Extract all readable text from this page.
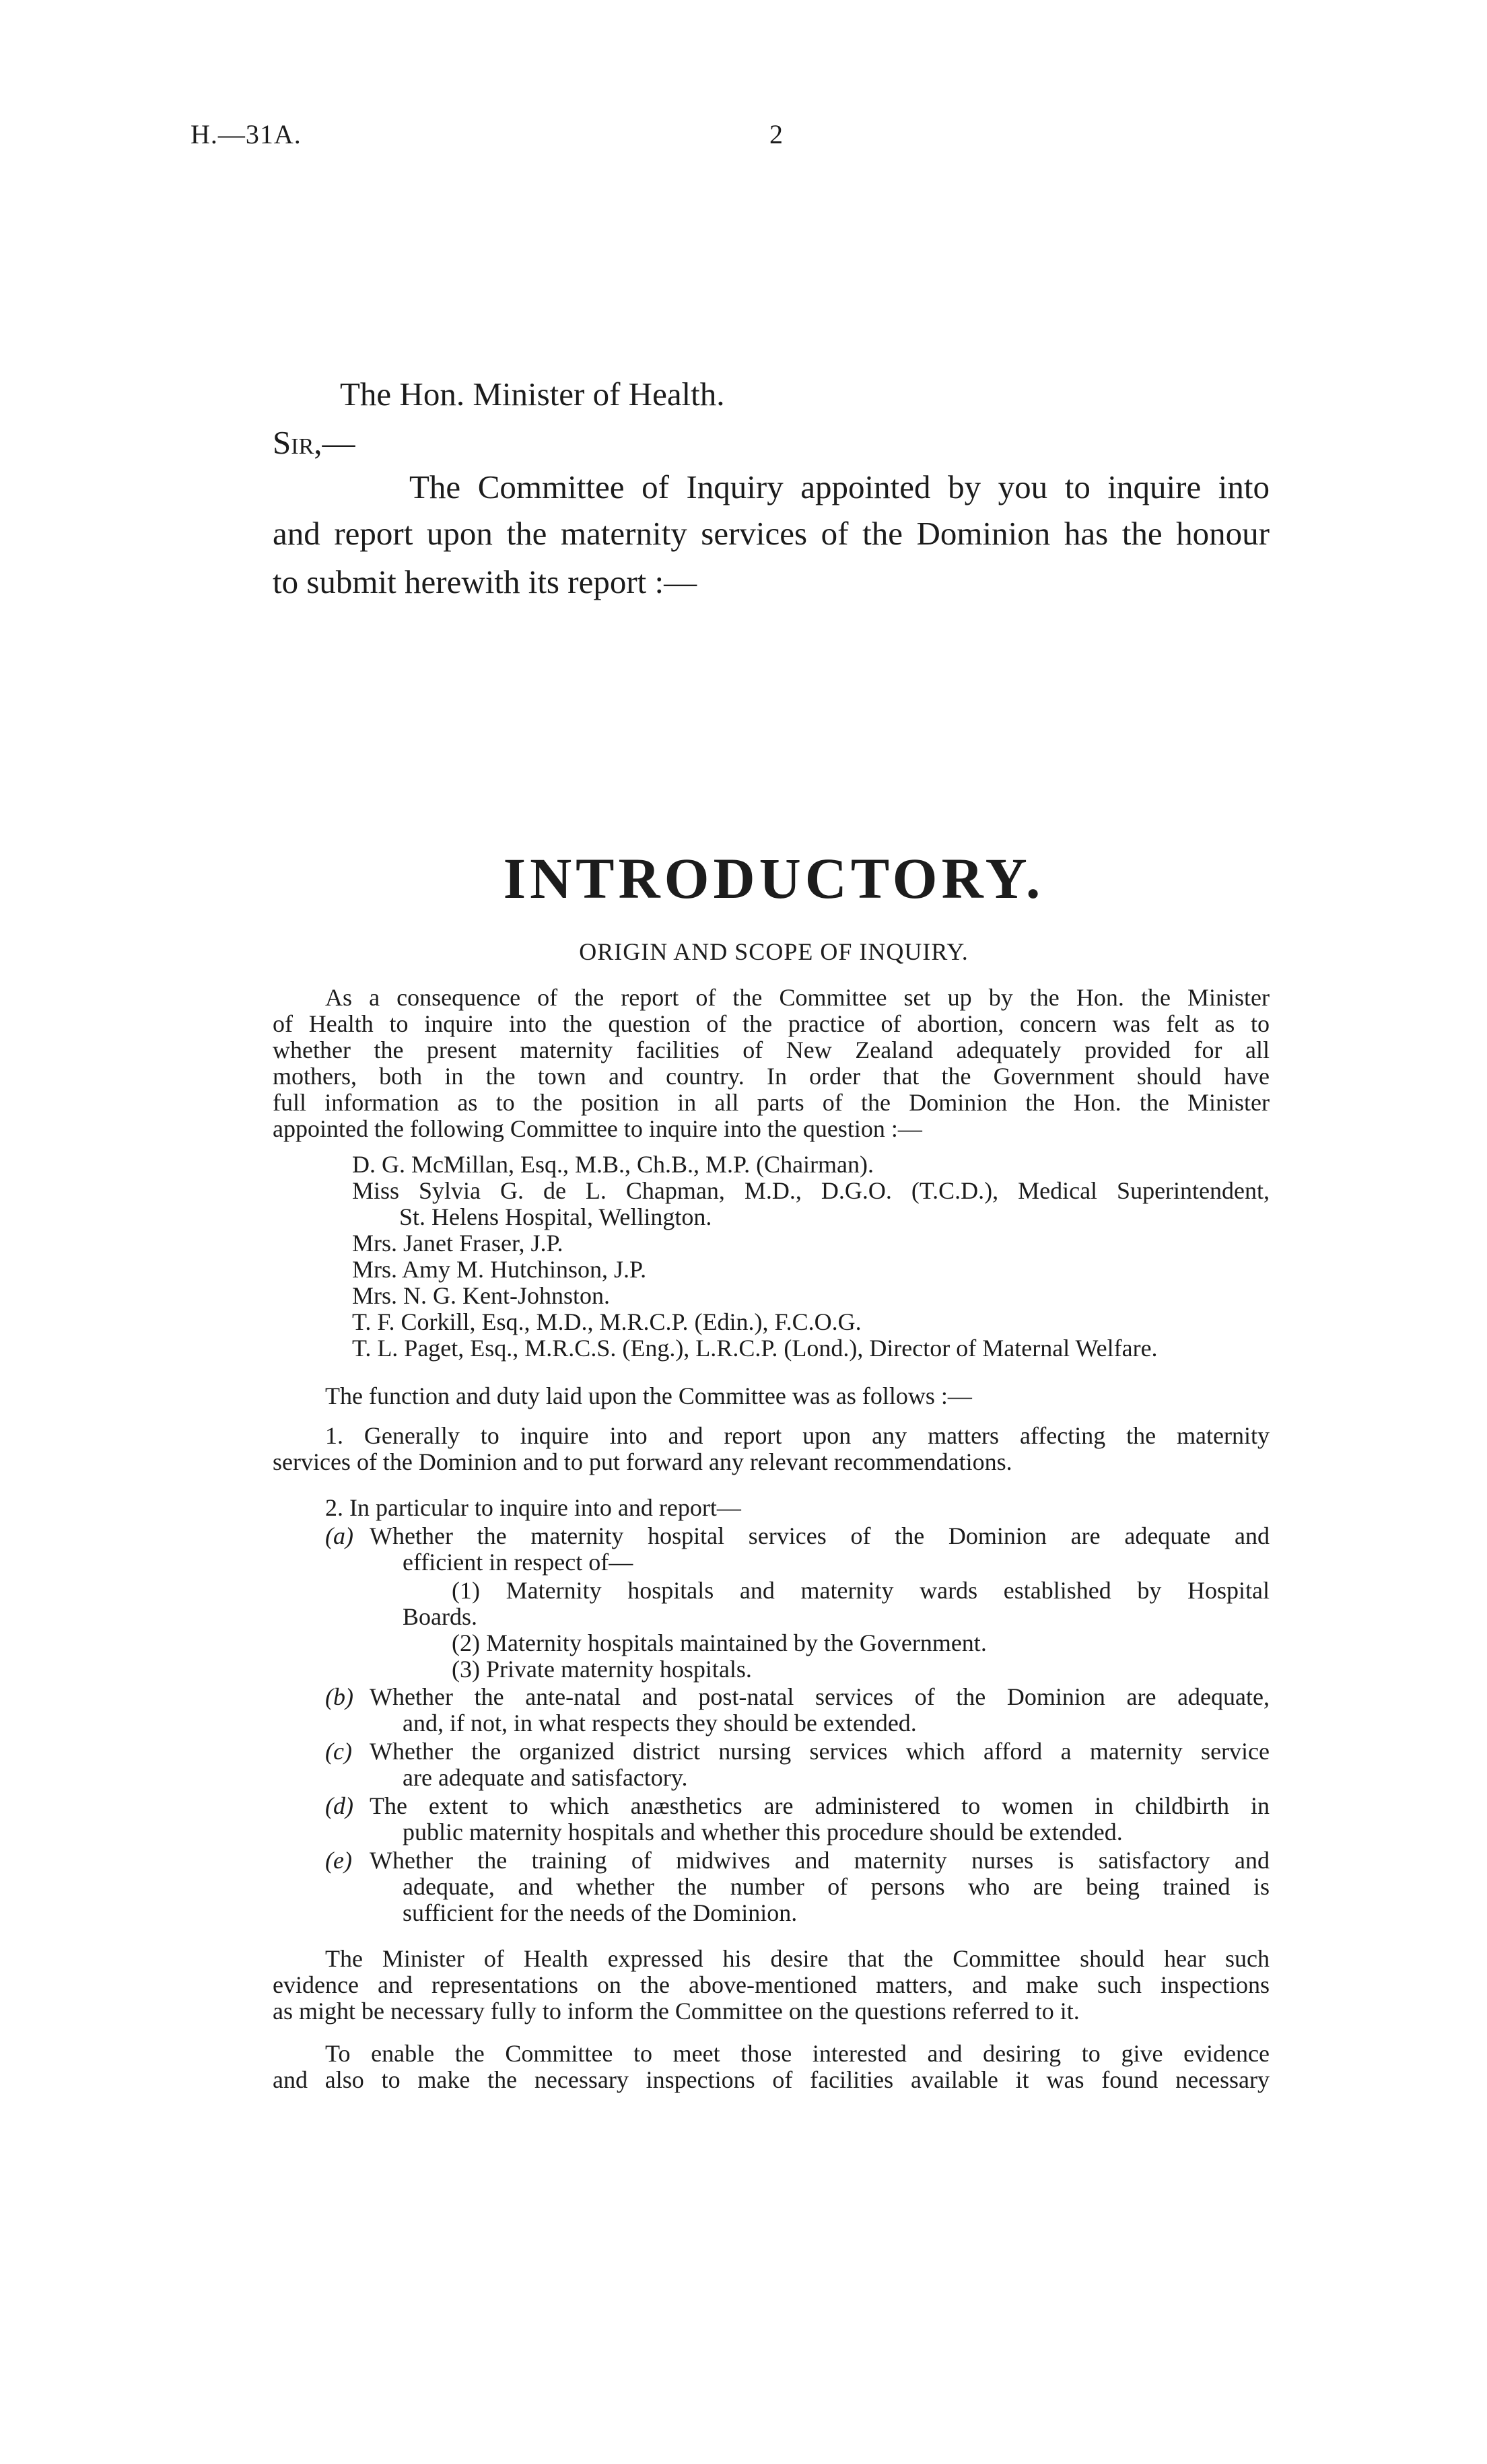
H.—31A.	2
The Hon. Minister of Health.
Sir,—
The Committee of Inquiry appointed by you to inquire into
and report upon the maternity services of the Dominion has the honour
to submit herewith its report :—
INTRODUCTORY.
ORIGIN AND SCOPE OF INQUIRY.
As a consequence of the report of the Committee set up by the Hon. the Minister
of Health to inquire into the question of the practice of abortion, concern was felt as to
whether the present maternity facilities of New Zealand adequately provided for all
mothers, both in the town and country. In order that the Government should have
full information as to the position in all parts of the Dominion the Hon. the Minister
appointed the following Committee to inquire into the question :—
D. G. McMillan, Esq., M.B., Ch.B., M.P. (Chairman).
Miss Sylvia G. de L. Chapman, M.D., D.G.O. (T.C.D.), Medical Superintendent,
St. Helens Hospital, Wellington.
Mrs. Janet Fraser, J.P.
Mrs. Amy M. Hutchinson, J.P.
Mrs. N. G. Kent-Johnston.
T. F. Corkill, Esq., M.D., M.R.C.P. (Edin.), F.C.O.G.
T. L. Paget, Esq., M.R.C.S. (Eng.), L.R.C.P. (Lond.), Director of Maternal Welfare.
The function and duty laid upon the Committee was as follows :—
1. Generally to inquire into and report upon any matters affecting the maternity
services of the Dominion and to put forward any relevant recommendations.
2. In particular to inquire into and report—
(a) Whether the maternity hospital services of the Dominion are adequate and
efficient in respect of—
(1) Maternity hospitals and maternity wards established by Hospital
Boards.
(2) Maternity hospitals maintained by the Government.
(3) Private maternity hospitals.
(b) Whether the ante-natal and post-natal services of the Dominion are adequate,
and, if not, in what respects they should be extended.
(c) Whether the organized district nursing services which afford a maternity service
are adequate and satisfactory.
(d) The extent to which anæsthetics are administered to women in childbirth in
public maternity hospitals and whether this procedure should be extended.
(e) Whether the training of midwives and maternity nurses is satisfactory and
adequate, and whether the number of persons who are being trained is
sufficient for the needs of the Dominion.
The Minister of Health expressed his desire that the Committee should hear such
evidence and representations on the above-mentioned matters, and make such inspections
as might be necessary fully to inform the Committee on the questions referred to it.
To enable the Committee to meet those interested and desiring to give evidence
and also to make the necessary inspections of facilities available it was found necessary
